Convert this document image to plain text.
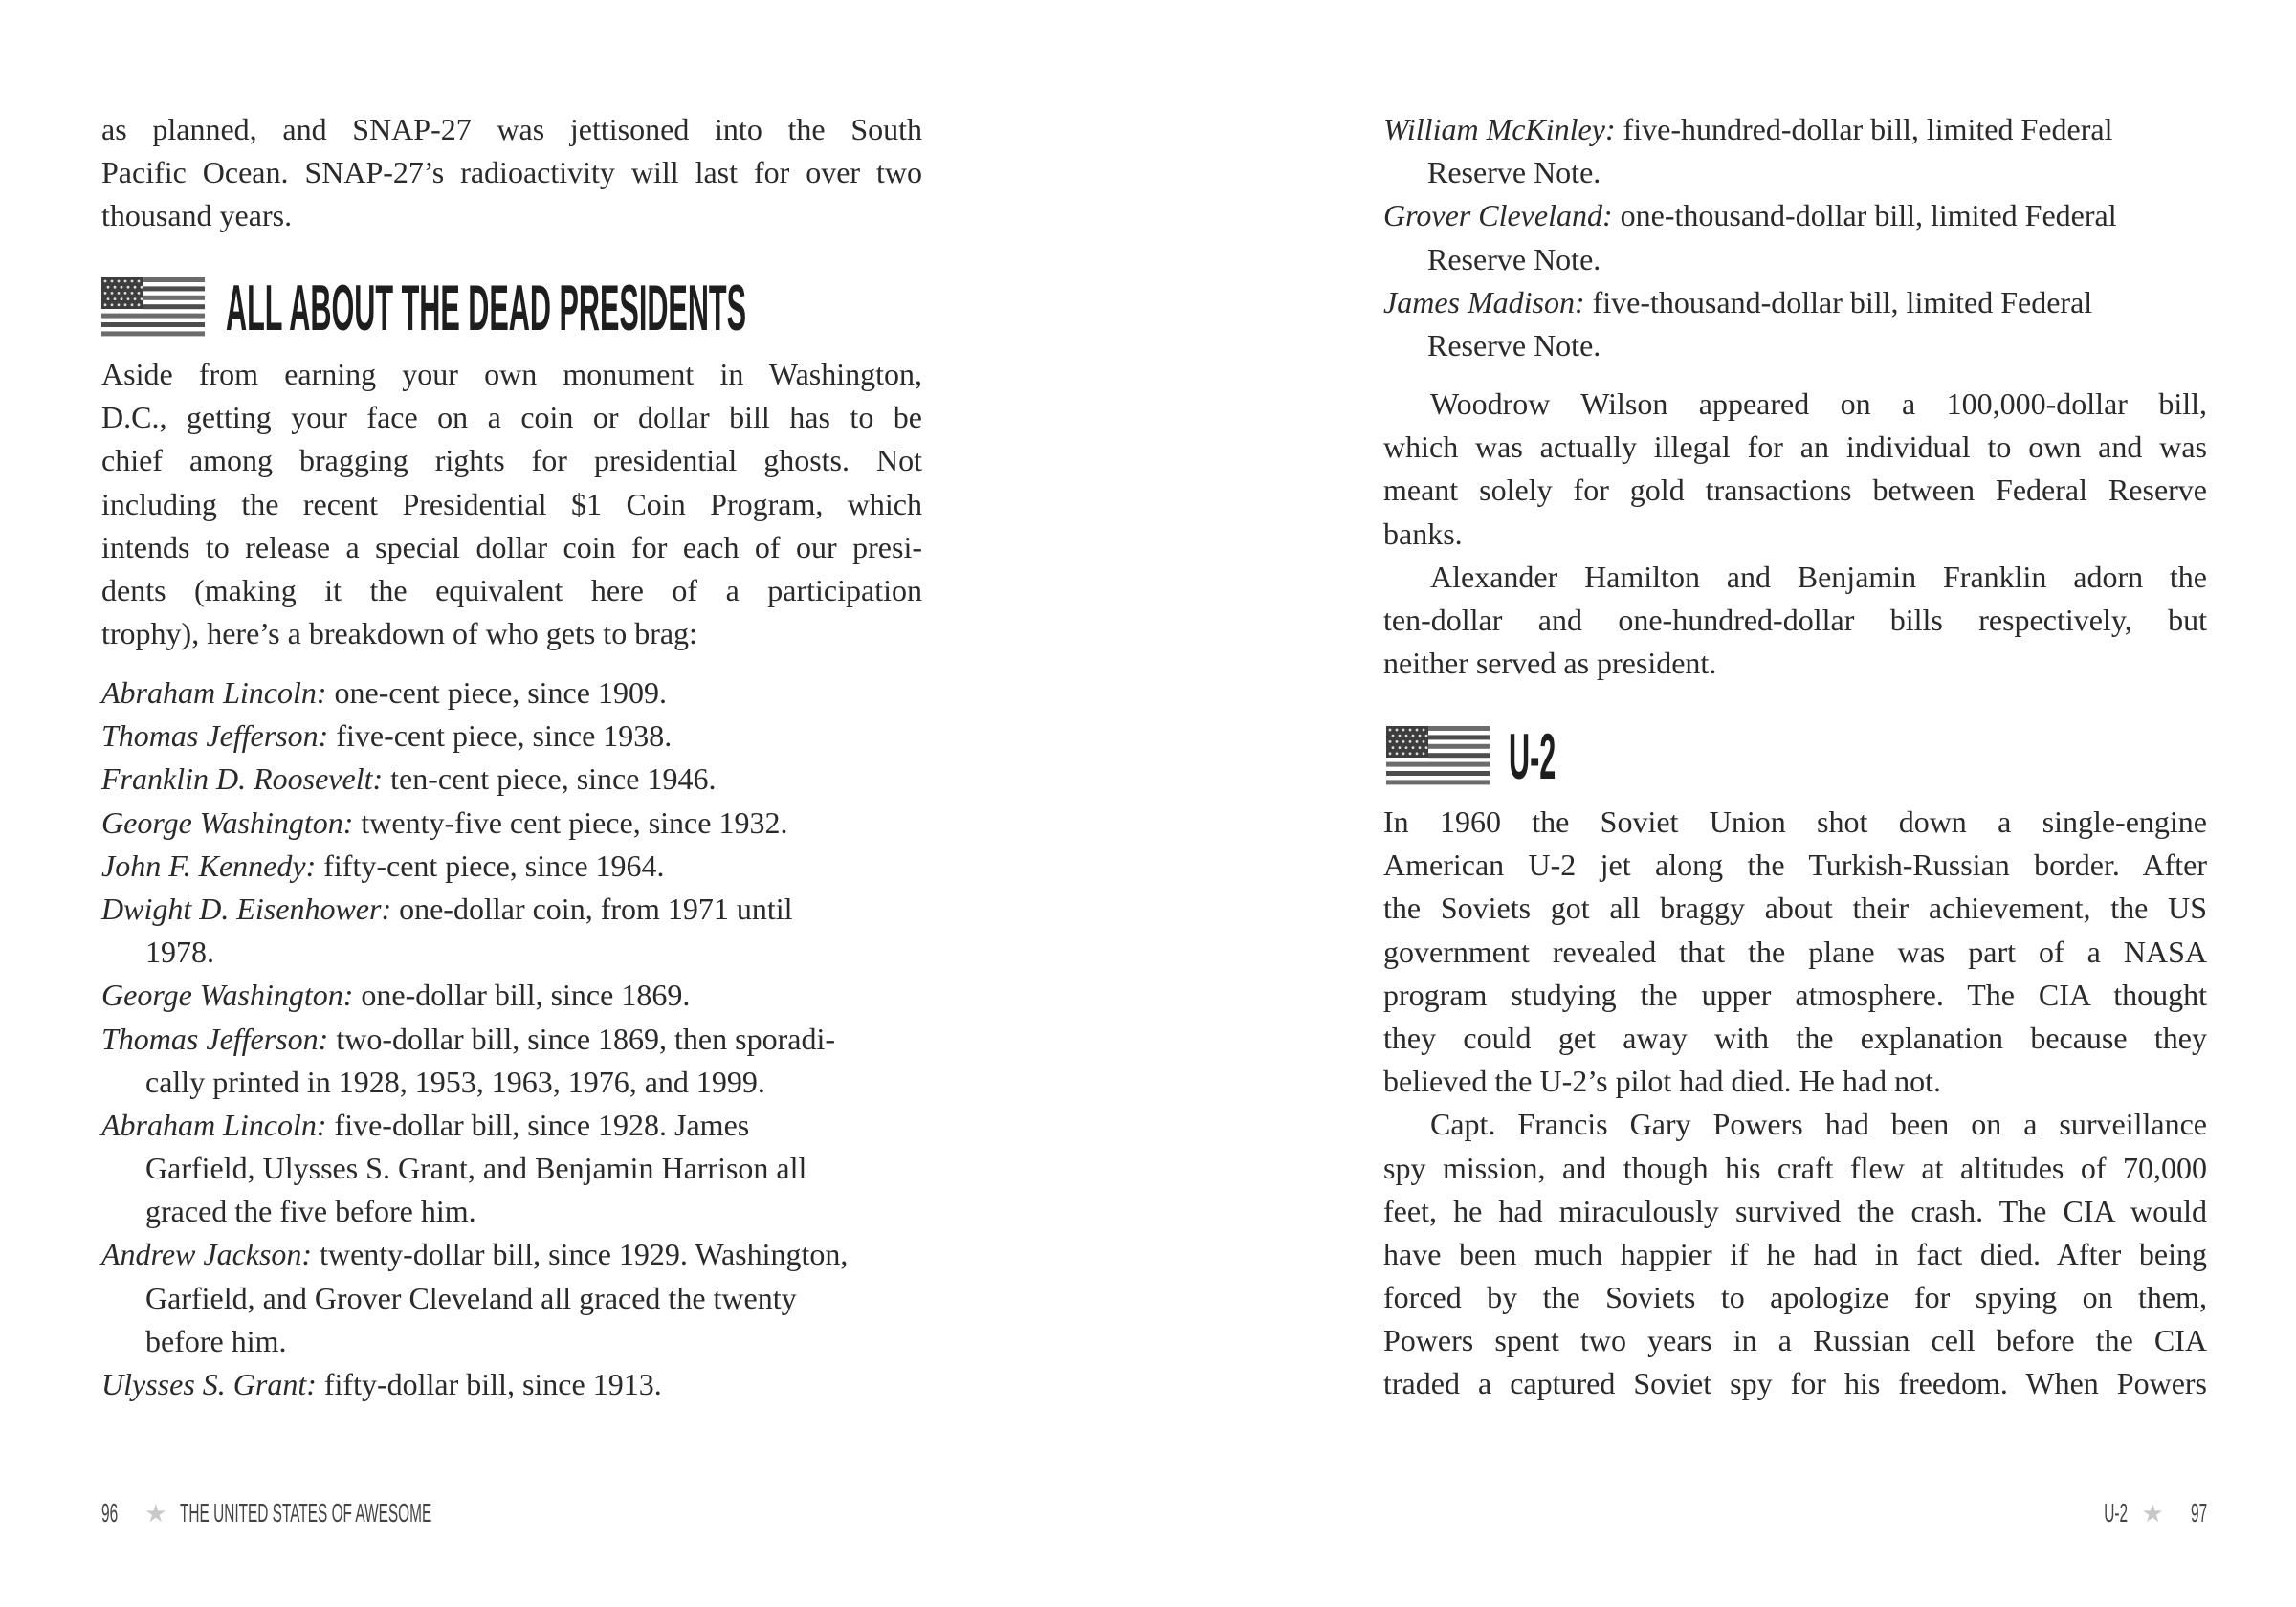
as planned, and SNAP-27 was jettisoned into the South
Pacific Ocean. SNAP-27’s radioactivity will last for over two
thousand years.
ALL ABOUT THE DEAD PRESIDENTS
Aside from earning your own monument in Washington,
D.C., getting your face on a coin or dollar bill has to be
chief among bragging rights for presidential ghosts. Not
including the recent Presidential $1 Coin Program, which
intends to release a special dollar coin for each of our presi-
dents (making it the equivalent here of a participation
trophy), here’s a breakdown of who gets to brag:
Abraham Lincoln: one-cent piece, since 1909.
Thomas Jefferson: five-cent piece, since 1938.
Franklin D. Roosevelt: ten-cent piece, since 1946.
George Washington: twenty-five cent piece, since 1932.
John F. Kennedy: fifty-cent piece, since 1964.
Dwight D. Eisenhower: one-dollar coin, from 1971 until
1978.
George Washington: one-dollar bill, since 1869.
Thomas Jefferson: two-dollar bill, since 1869, then sporadi-
cally printed in 1928, 1953, 1963, 1976, and 1999.
Abraham Lincoln: five-dollar bill, since 1928. James
Garfield, Ulysses S. Grant, and Benjamin Harrison all
graced the five before him.
Andrew Jackson: twenty-dollar bill, since 1929. Washington,
Garfield, and Grover Cleveland all graced the twenty
before him.
Ulysses S. Grant: fifty-dollar bill, since 1913.
William McKinley: five-hundred-dollar bill, limited Federal
Reserve Note.
Grover Cleveland: one-thousand-dollar bill, limited Federal
Reserve Note.
James Madison: five-thousand-dollar bill, limited Federal
Reserve Note.
Woodrow Wilson appeared on a 100,000-dollar bill,
which was actually illegal for an individual to own and was
meant solely for gold transactions between Federal Reserve
banks.
Alexander Hamilton and Benjamin Franklin adorn the
ten-dollar and one-hundred-dollar bills respectively, but
neither served as president.
U-2
In 1960 the Soviet Union shot down a single-engine
American U-2 jet along the Turkish-Russian border. After
the Soviets got all braggy about their achievement, the US
government revealed that the plane was part of a NASA
program studying the upper atmosphere. The CIA thought
they could get away with the explanation because they
believed the U-2’s pilot had died. He had not.
Capt. Francis Gary Powers had been on a surveillance
spy mission, and though his craft flew at altitudes of 70,000
feet, he had miraculously survived the crash. The CIA would
have been much happier if he had in fact died. After being
forced by the Soviets to apologize for spying on them,
Powers spent two years in a Russian cell before the CIA
traded a captured Soviet spy for his freedom. When Powers
96 ★ THE UNITED STATES OF AWESOME	U-2 ★ 97
